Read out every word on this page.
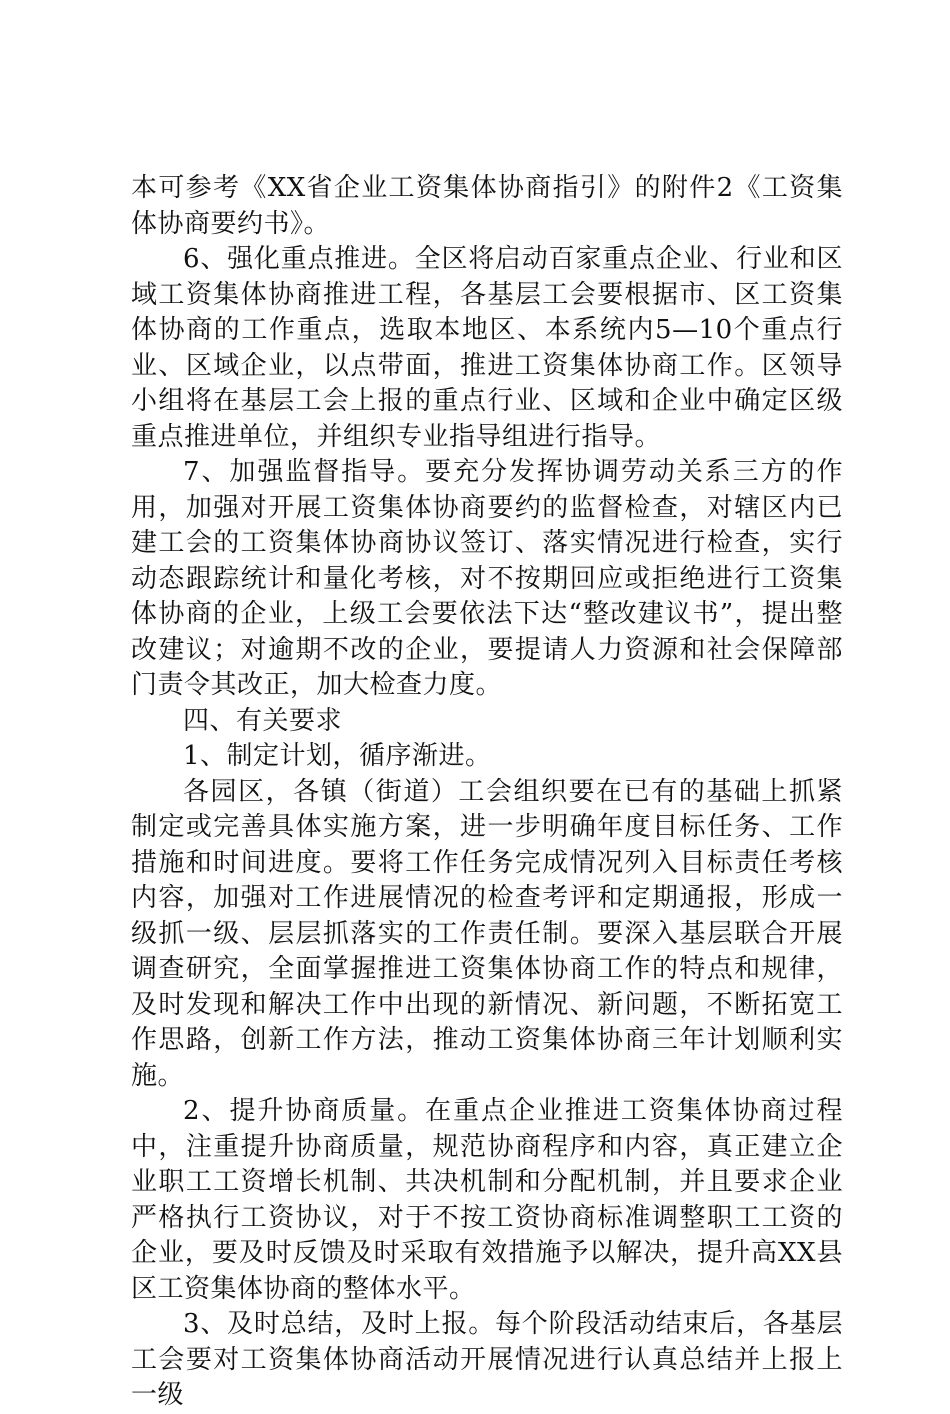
本可参考《XX省企业工资集体协商指引》的附件2《工资集体协商要约书》。

6、强化重点推进。全区将启动百家重点企业、行业和区域工资集体协商推进工程，各基层工会要根据市、区工资集体协商的工作重点，选取本地区、本系统内5—10个重点行业、区域企业，以点带面，推进工资集体协商工作。区领导小组将在基层工会上报的重点行业、区域和企业中确定区级重点推进单位，并组织专业指导组进行指导。

7、加强监督指导。要充分发挥协调劳动关系三方的作用，加强对开展工资集体协商要约的监督检查，对辖区内已建工会的工资集体协商协议签订、落实情况进行检查，实行动态跟踪统计和量化考核，对不按期回应或拒绝进行工资集体协商的企业，上级工会要依法下达“整改建议书”，提出整改建议；对逾期不改的企业，要提请人力资源和社会保障部门责令其改正，加大检查力度。

四、有关要求

1、制定计划，循序渐进。

各园区，各镇（街道）工会组织要在已有的基础上抓紧制定或完善具体实施方案，进一步明确年度目标任务、工作措施和时间进度。要将工作任务完成情况列入目标责任考核内容，加强对工作进展情况的检查考评和定期通报，形成一级抓一级、层层抓落实的工作责任制。要深入基层联合开展调查研究，全面掌握推进工资集体协商工作的特点和规律，及时发现和解决工作中出现的新情况、新问题，不断拓宽工作思路，创新工作方法，推动工资集体协商三年计划顺利实施。

2、提升协商质量。在重点企业推进工资集体协商过程中，注重提升协商质量，规范协商程序和内容，真正建立企业职工工资增长机制、共决机制和分配机制，并且要求企业严格执行工资协议，对于不按工资协商标准调整职工工资的企业，要及时反馈及时采取有效措施予以解决，提升高XX县区工资集体协商的整体水平。

3、及时总结，及时上报。每个阶段活动结束后，各基层工会要对工资集体协商活动开展情况进行认真总结并上报上一级
